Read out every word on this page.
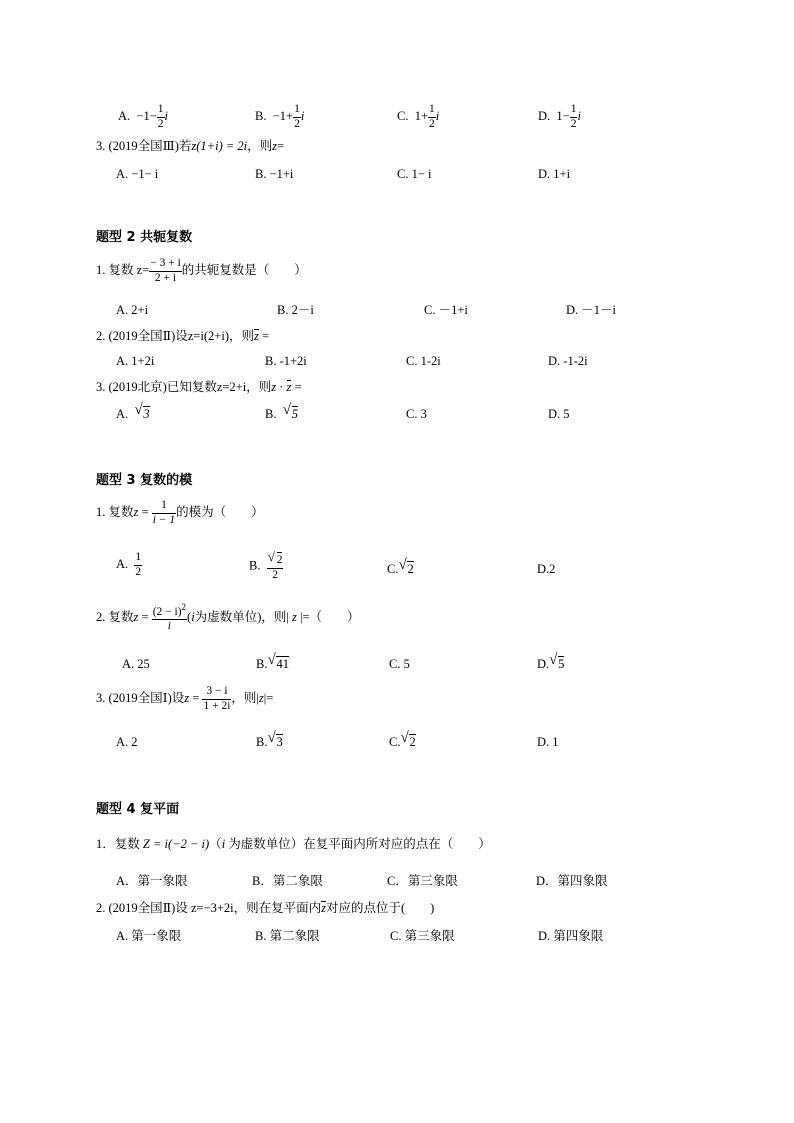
A. $-1- \frac{1}{2}$ i	B. $-1+ \frac{1}{2}$ i	C. $1+ \frac{1}{2}$ i	D. $1- \frac{1}{2}$ i
3. (2019全国Ⅲ)若z(1+i) = 2i，则z=
A. −1− i	B. −1+i	C. 1− i	D. 1+i
题型 2 共轭复数
1. 复数 $z= \frac{- 3 + i}{2 + i}$ 的共轭复数是（　　）
A. 2+i	B. 2－i	C. －1+i	D. －1－i
2. (2019全国Ⅱ)设z=i(2+i)，则z =
A. 1+2i	B. -1+2i	C. 1-2i	D. -1-2i
3. (2019北京)已知复数z=2+i，则z · z =
A. √ 3	B. √ 5	C. 3	D. 5
题型 3 复数的模
1. 复数$z = \frac{1}{i - 1}$ 的模为（　　）
A. $\frac{1}{2}$	B. $\frac{√ 2}{2}$	C. √ 2	D.2
2. 复数$z = \frac{(2 - i)^2}{i} (i$为虚数单位)，则| z |=（　　）
A. 25	B. √ 41	C. 5	D. √ 5
3. (2019全国Ⅰ)设$z = \frac{3 - i}{1 + 2i}$ ，则|z|=
A. 2	B. √ 3	C. √ 2	D. 1
题型 4 复平面
1．复数 Z = i(−2 − i)（i 为虚数单位）在复平面内所对应的点在（　　）
A．第一象限	B．第二象限	C．第三象限	D．第四象限
2. (2019全国Ⅱ)设 z=−3+2i，则在复平面内z对应的点位于(　　)
A. 第一象限	B. 第二象限	C. 第三象限	D. 第四象限
